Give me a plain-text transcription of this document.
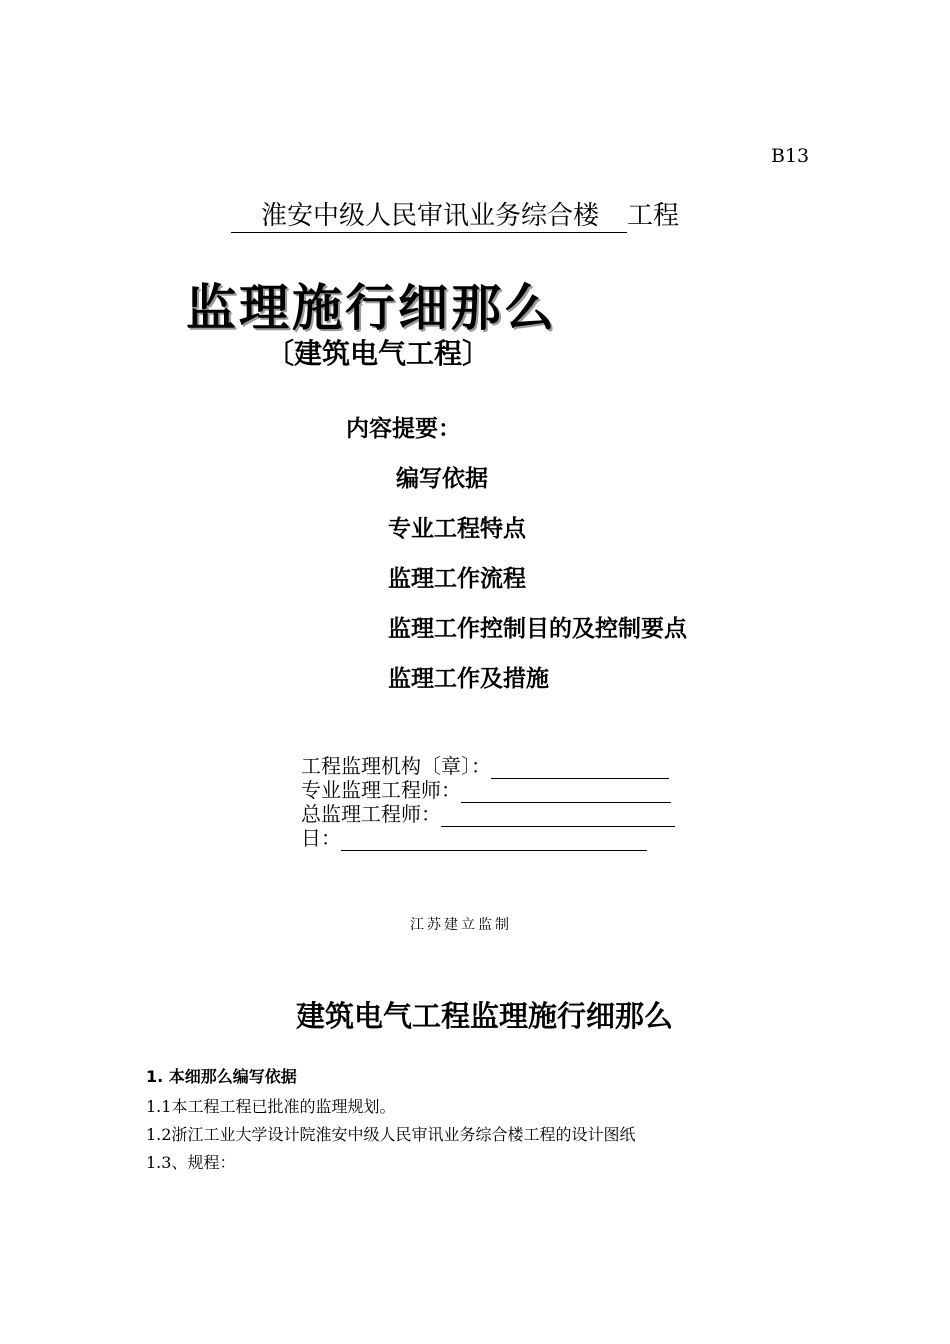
B13
淮安中级人民审讯业务综合楼 工程
监理施行细那么
〔建筑电气工程〕
内容提要：
编写依据
专业工程特点
监理工作流程
监理工作控制目的及控制要点
监理工作及措施
工程监理机构〔章〕：
专业监理工程师：
总监理工程师：
日：
江苏建立监制
建筑电气工程监理施行细那么
1. 本细那么编写依据
1.1本工程工程已批准的监理规划。
1.2浙江工业大学设计院淮安中级人民审讯业务综合楼工程的设计图纸
1.3、规程：
